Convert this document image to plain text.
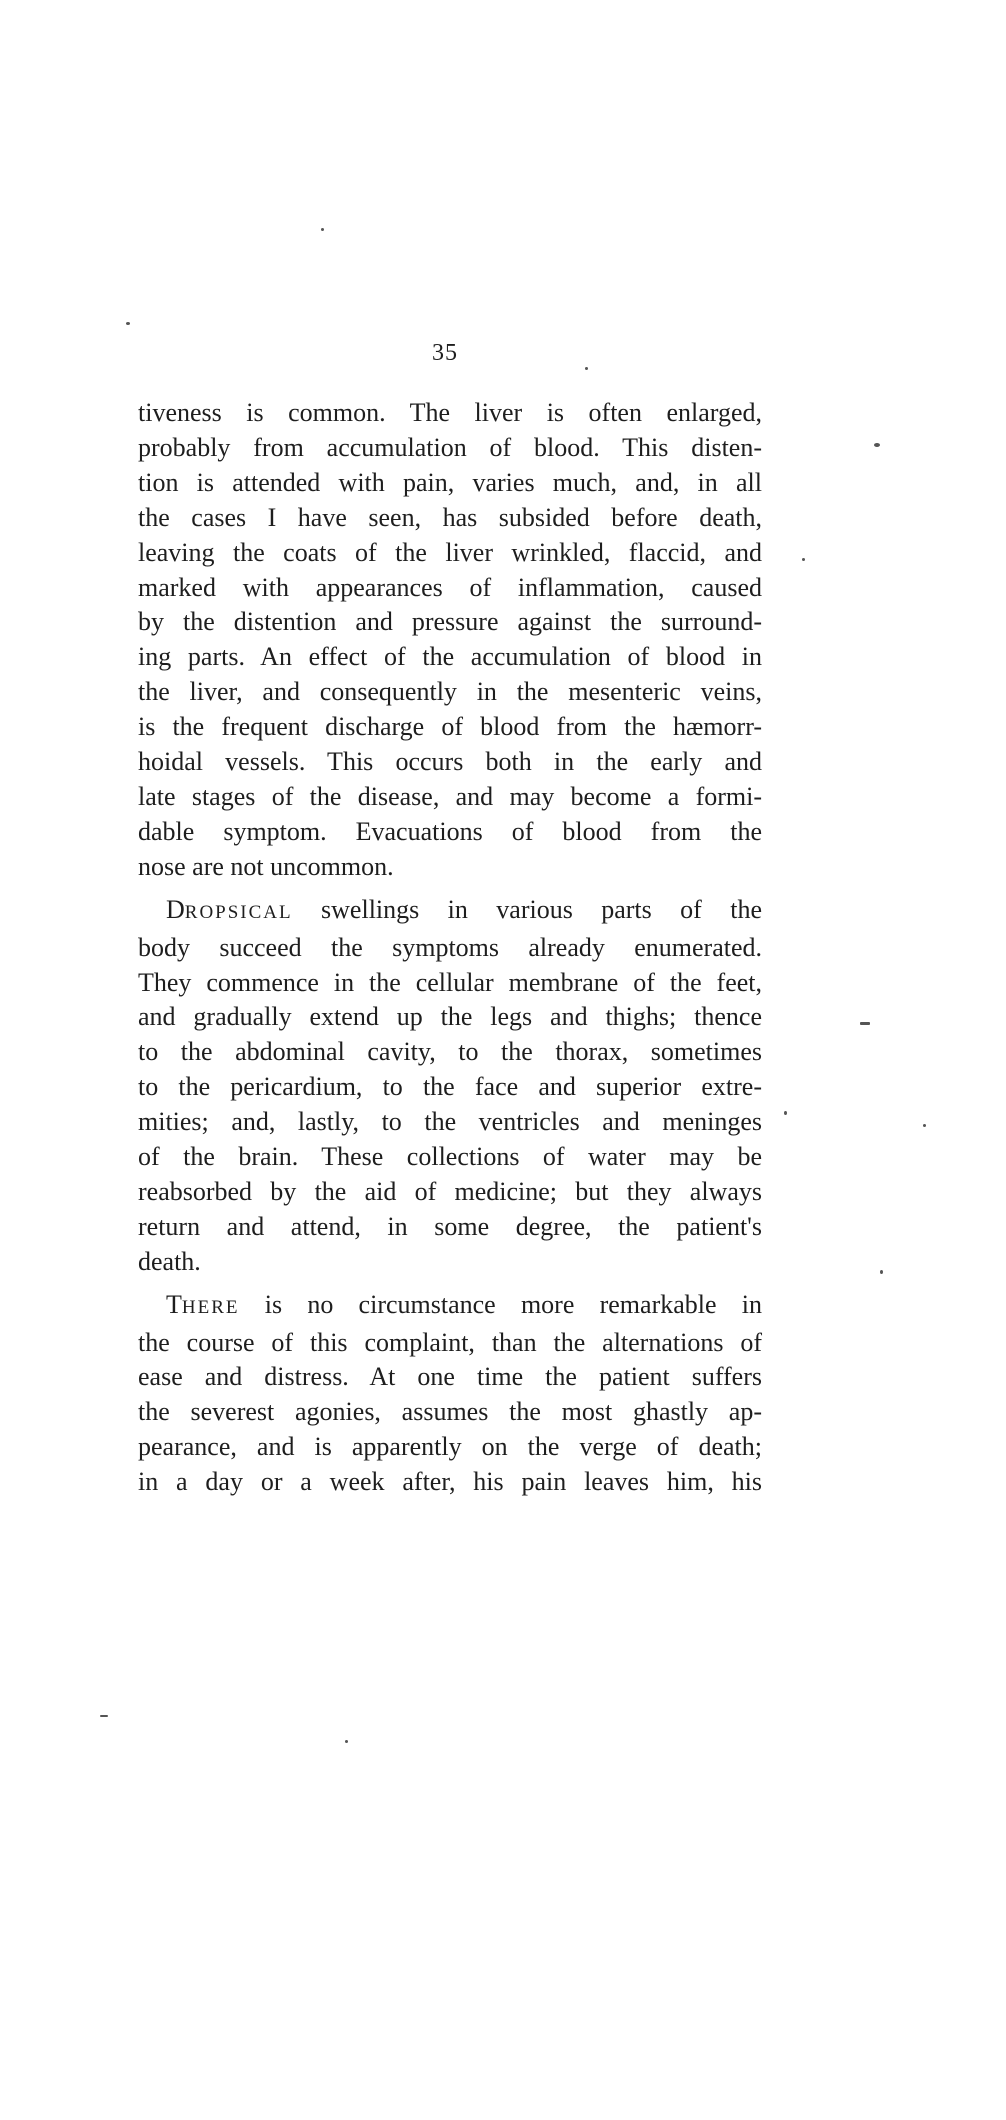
35
tiveness is common. The liver is often enlarged,
probably from accumulation of blood. This disten-
tion is attended with pain, varies much, and, in all
the cases I have seen, has subsided before death,
leaving the coats of the liver wrinkled, flaccid, and
marked with appearances of inflammation, caused
by the distention and pressure against the surround-
ing parts. An effect of the accumulation of blood in
the liver, and consequently in the mesenteric veins,
is the frequent discharge of blood from the hæmorr-
hoidal vessels. This occurs both in the early and
late stages of the disease, and may become a formi-
dable symptom. Evacuations of blood from the
nose are not uncommon.
DROPSICAL swellings in various parts of the
body succeed the symptoms already enumerated.
They commence in the cellular membrane of the feet,
and gradually extend up the legs and thighs; thence
to the abdominal cavity, to the thorax, sometimes
to the pericardium, to the face and superior extre-
mities; and, lastly, to the ventricles and meninges
of the brain. These collections of water may be
reabsorbed by the aid of medicine; but they always
return and attend, in some degree, the patient's
death.
THERE is no circumstance more remarkable in
the course of this complaint, than the alternations of
ease and distress. At one time the patient suffers
the severest agonies, assumes the most ghastly ap-
pearance, and is apparently on the verge of death;
in a day or a week after, his pain leaves him, his
